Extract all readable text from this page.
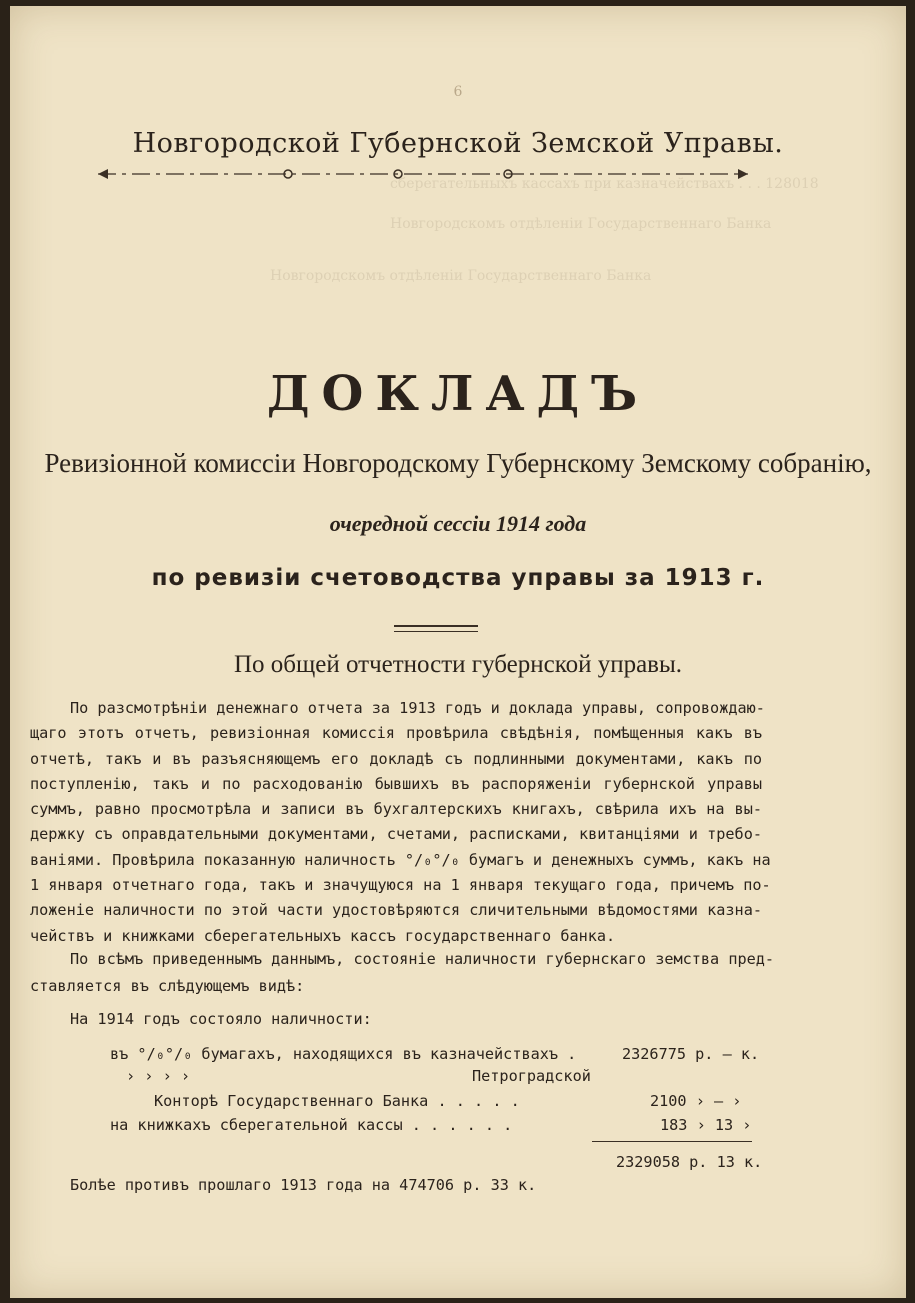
сберегательныхъ кассахъ при казначействахъ . . . 128018
Новгородскомъ отдѣленіи Государственнаго Банка
Новгородскомъ отдѣленіи Государственнаго Банка
6
Новгородской Губернской Земской Управы.
ДОКЛАДЪ
Ревизіонной комиссіи Новгородскому Губернскому Земскому собранію,
очередной сессіи 1914 года
по ревизіи счетоводства управы за 1913 г.
По общей отчетности губернской управы.
По разсмотрѣніи денежнаго отчета за 1913 годъ и доклада управы, сопровождаю-
щаго этотъ отчетъ, ревизіонная комиссія провѣрила свѣдѣнія, помѣщенныя какъ въ
отчетѣ, такъ и въ разъясняющемъ его докладѣ съ подлинными документами, какъ по
поступленію, такъ и по расходованію бывшихъ въ распоряженіи губернской управы
суммъ, равно просмотрѣла и записи въ бухгалтерскихъ книгахъ, свѣрила ихъ на вы-
держку съ оправдательными документами, счетами, расписками, квитанціями и требо-
ваніями. Провѣрила показанную наличность °/₀°/₀ бумагъ и денежныхъ суммъ, какъ на
1 января отчетнаго года, такъ и значущуюся на 1 января текущаго года, причемъ по-
ложеніе наличности по этой части удостовѣряются сличительными вѣдомостями казна-
чействъ и книжками сберегательныхъ кассъ государственнаго банка.
По всѣмъ приведеннымъ даннымъ, состояніе наличности губернскаго земства пред-
ставляется въ слѣдующемъ видѣ:
На 1914 годъ состояло наличности:
въ °/₀°/₀ бумагахъ, находящихся въ казначействахъ .	2326775 р. — к.
› › › ›	Петроградской
Конторѣ Государственнаго Банка . . . . .	2100 › — ›
на книжкахъ сберегательной кассы . . . . . .	183 › 13 ›
2329058 р. 13 к.
Болѣе противъ прошлаго 1913 года на 474706 р. 33 к.
